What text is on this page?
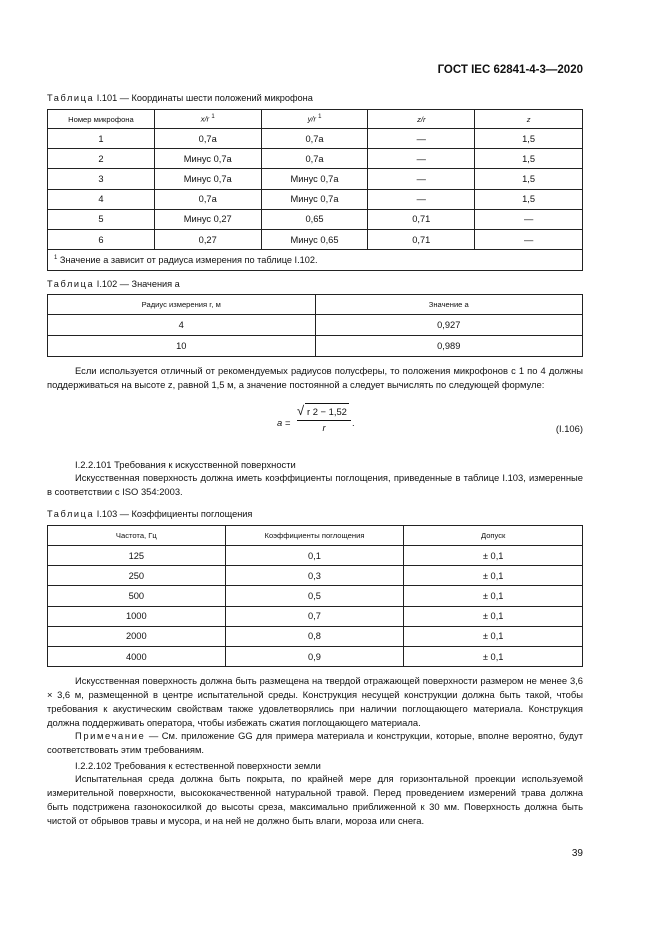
ГОСТ IEC 62841-4-3—2020
Таблица I.101 — Координаты шести положений микрофона
Номер микрофона	x/r $^1$	y/r $^1$	z/r	z
1	0,7a	0,7a	—	1,5
2	Минус 0,7a	0,7a	—	1,5
3	Минус 0,7a	Минус 0,7a	—	1,5
4	0,7a	Минус 0,7a	—	1,5
5	Минус 0,27	0,65	0,71	—
6	0,27	Минус 0,65	0,71	—
$^1$ Значение a зависит от радиуса измерения по таблице I.102.				
Таблица I.102 — Значения a
Радиус измерения r, м	Значение a
4	0,927
10	0,989
Если используется отличный от рекомендуемых радиусов полусферы, то положения микрофонов с 1 по 4 должны поддерживаться на высоте z, равной 1,5 м, а значение постоянной a следует вычислять по следующей формуле:
$a = \frac{√ r 2 - 1,52}{r}$ .
(I.106)
I.2.2.101 Требования к искусственной поверхности
Искусственная поверхность должна иметь коэффициенты поглощения, приведенные в таблице I.103, измеренные в соответствии с ISO 354:2003.
Таблица I.103 — Коэффициенты поглощения
Частота, Гц	Коэффициенты поглощения	Допуск
125	0,1	± 0,1
250	0,3	± 0,1
500	0,5	± 0,1
1000	0,7	± 0,1
2000	0,8	± 0,1
4000	0,9	± 0,1
Искусственная поверхность должна быть размещена на твердой отражающей поверхности размером не менее 3,6 × 3,6 м, размещенной в центре испытательной среды. Конструкция несущей конструкции должна быть такой, чтобы требования к акустическим свойствам также удовлетворялись при наличии поглощающего материала. Конструкция должна поддерживать оператора, чтобы избежать сжатия поглощающего материала.
Примечание — См. приложение GG для примера материала и конструкции, которые, вполне вероятно, будут соответствовать этим требованиям.
I.2.2.102 Требования к естественной поверхности земли
Испытательная среда должна быть покрыта, по крайней мере для горизонтальной проекции используемой измерительной поверхности, высококачественной натуральной травой. Перед проведением измерений трава должна быть подстрижена газонокосилкой до высоты среза, максимально приближенной к 30 мм. Поверхность должна быть чистой от обрывов травы и мусора, и на ней не должно быть влаги, мороза или снега.
39
